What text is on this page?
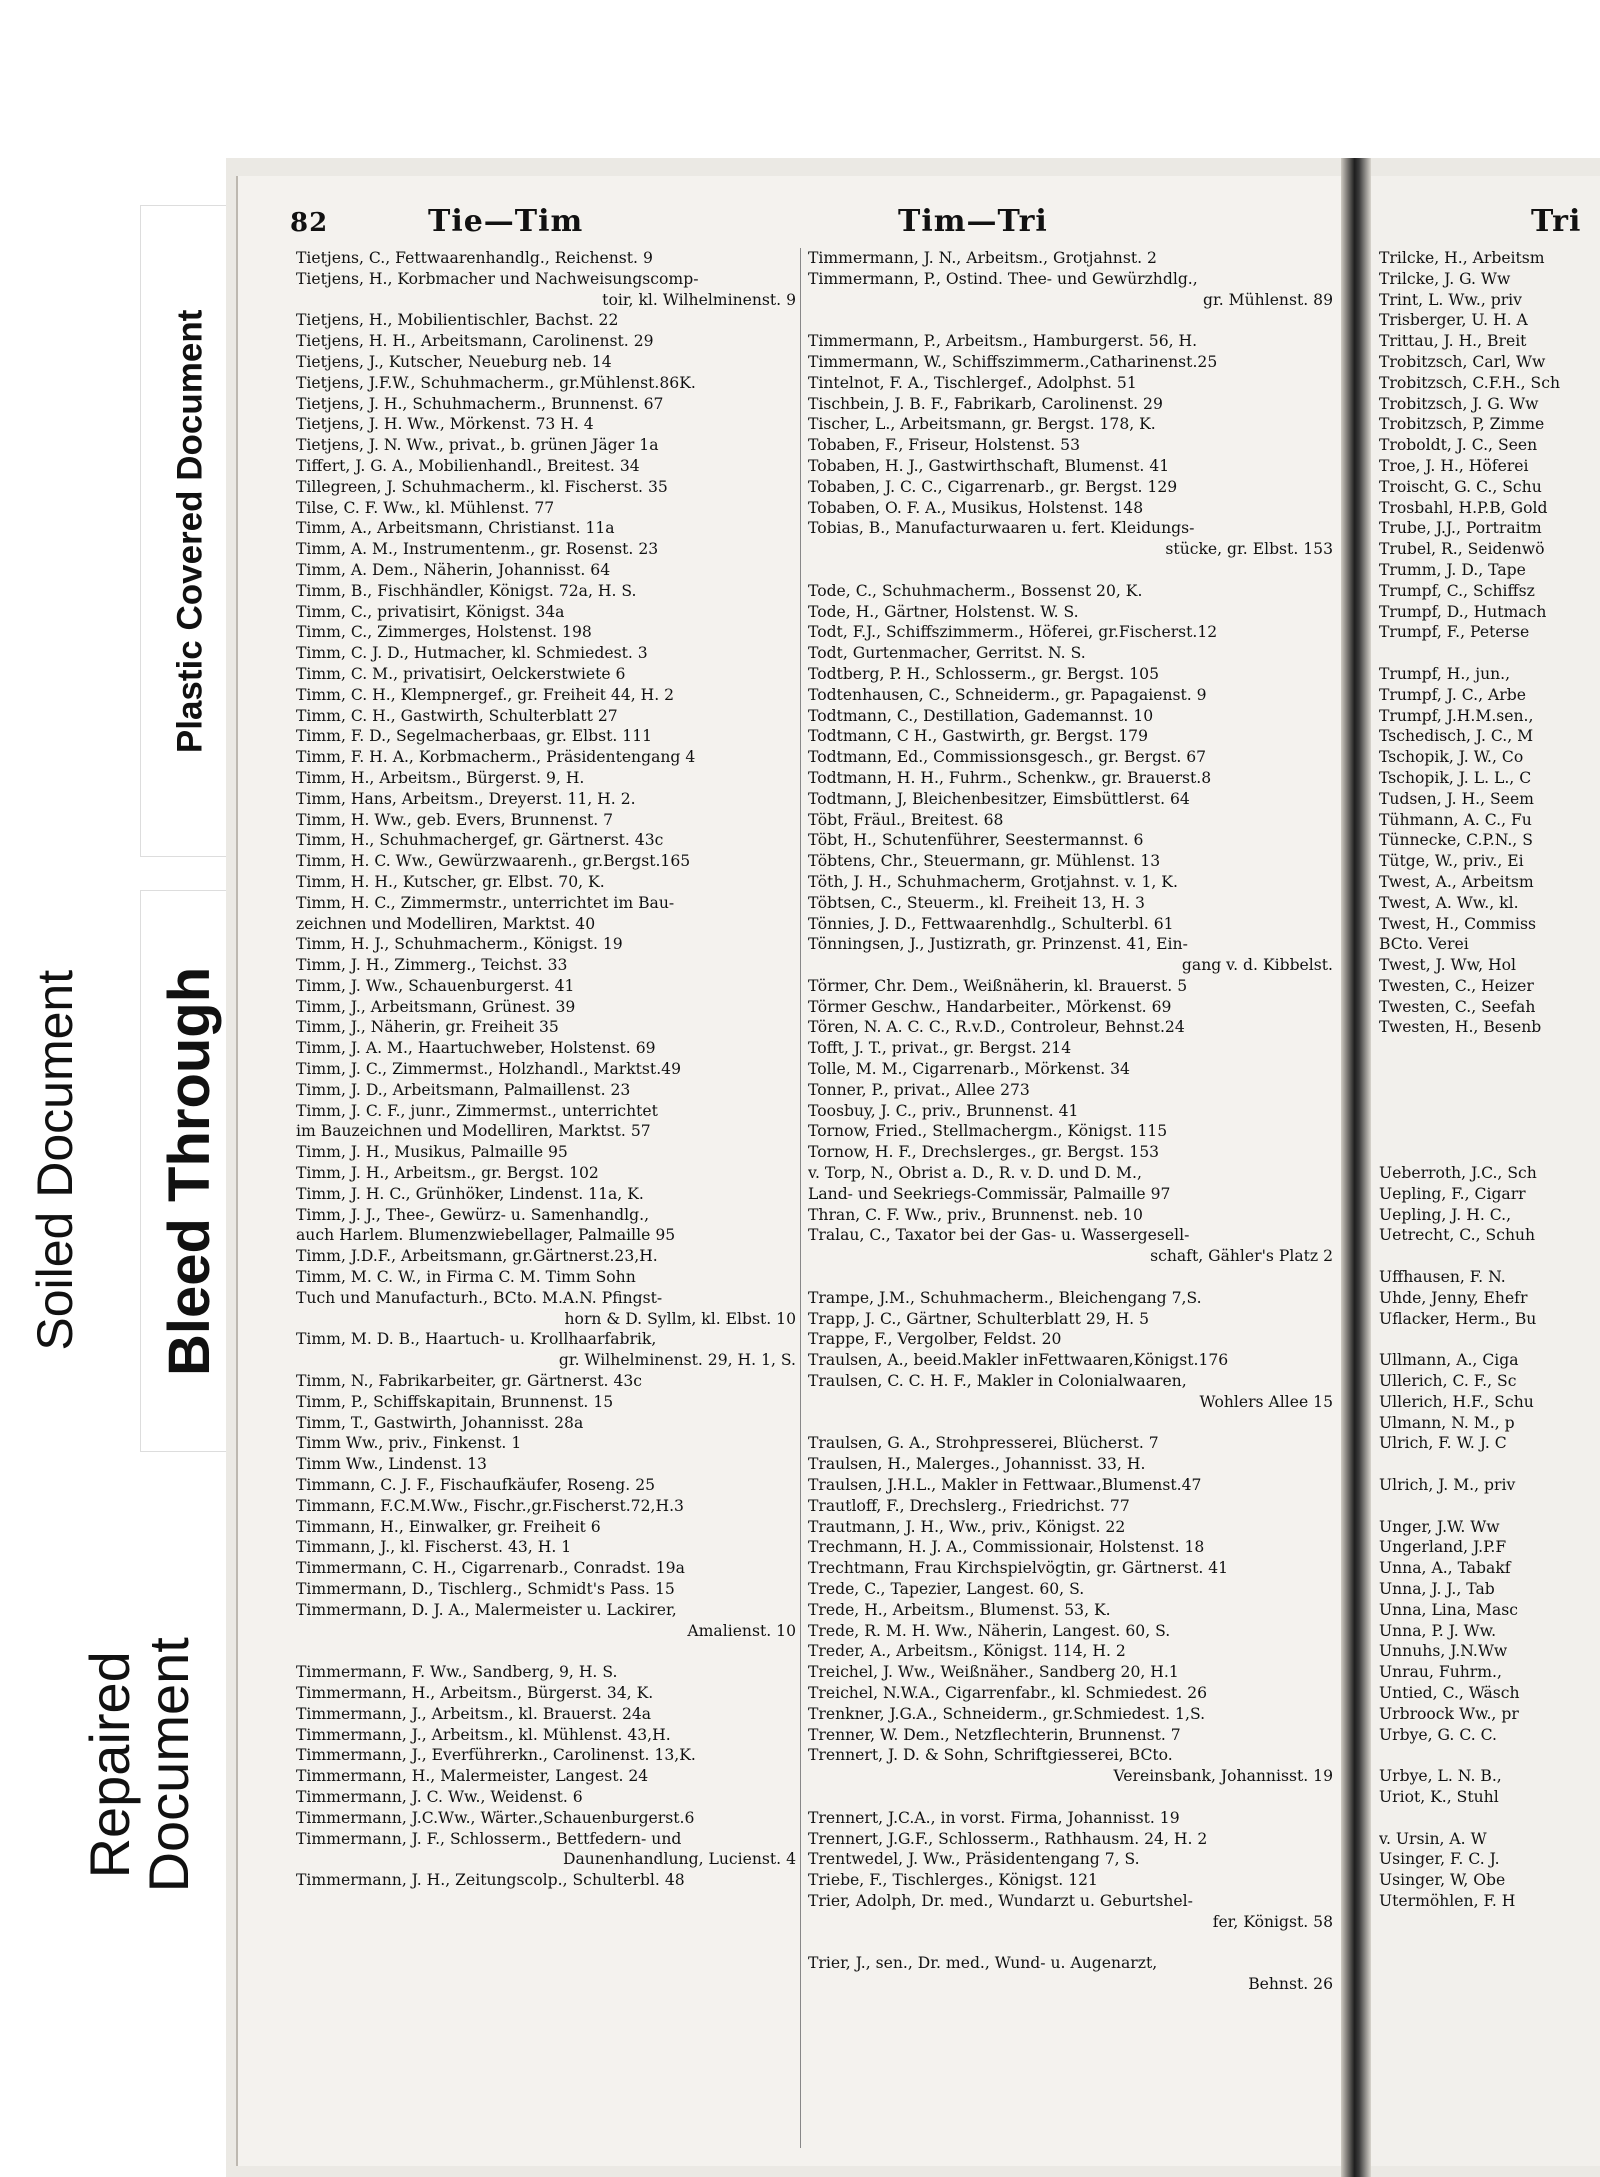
Soiled Document
Plastic Covered Document
Bleed Through
Repaired Document
82	Tie—Tim	Tim—Tri
Tietjens, C., Fettwaarenhandlg., Reichenst. 9
Tietjens, H., Korbmacher und Nachweisungscomp-
toir, kl. Wilhelminenst. 9
Tietjens, H., Mobilientischler, Bachst. 22
Tietjens, H. H., Arbeitsmann, Carolinenst. 29
Tietjens, J., Kutscher, Neueburg neb. 14
Tietjens, J.F.W., Schuhmacherm., gr.Mühlenst.86K.
Tietjens, J. H., Schuhmacherm., Brunnenst. 67
Tietjens, J. H. Ww., Mörkenst. 73 H. 4
Tietjens, J. N. Ww., privat., b. grünen Jäger 1a
Tiffert, J. G. A., Mobilienhandl., Breitest. 34
Tillegreen, J. Schuhmacherm., kl. Fischerst. 35
Tilse, C. F. Ww., kl. Mühlenst. 77
Timm, A., Arbeitsmann, Christianst. 11a
Timm, A. M., Instrumentenm., gr. Rosenst. 23
Timm, A. Dem., Näherin, Johannisst. 64
Timm, B., Fischhändler, Königst. 72a, H. S.
Timm, C., privatisirt, Königst. 34a
Timm, C., Zimmerges, Holstenst. 198
Timm, C. J. D., Hutmacher, kl. Schmiedest. 3
Timm, C. M., privatisirt, Oelckerstwiete 6
Timm, C. H., Klempnergef., gr. Freiheit 44, H. 2
Timm, C. H., Gastwirth, Schulterblatt 27
Timm, F. D., Segelmacherbaas, gr. Elbst. 111
Timm, F. H. A., Korbmacherm., Präsidentengang 4
Timm, H., Arbeitsm., Bürgerst. 9, H.
Timm, Hans, Arbeitsm., Dreyerst. 11, H. 2.
Timm, H. Ww., geb. Evers, Brunnenst. 7
Timm, H., Schuhmachergef, gr. Gärtnerst. 43c
Timm, H. C. Ww., Gewürzwaarenh., gr.Bergst.165
Timm, H. H., Kutscher, gr. Elbst. 70, K.
Timm, H. C., Zimmermstr., unterrichtet im Bau-
zeichnen und Modelliren, Marktst. 40
Timm, H. J., Schuhmacherm., Königst. 19
Timm, J. H., Zimmerg., Teichst. 33
Timm, J. Ww., Schauenburgerst. 41
Timm, J., Arbeitsmann, Grünest. 39
Timm, J., Näherin, gr. Freiheit 35
Timm, J. A. M., Haartuchweber, Holstenst. 69
Timm, J. C., Zimmermst., Holzhandl., Marktst.49
Timm, J. D., Arbeitsmann, Palmaillenst. 23
Timm, J. C. F., junr., Zimmermst., unterrichtet
im Bauzeichnen und Modelliren, Marktst. 57
Timm, J. H., Musikus, Palmaille 95
Timm, J. H., Arbeitsm., gr. Bergst. 102
Timm, J. H. C., Grünhöker, Lindenst. 11a, K.
Timm, J. J., Thee-, Gewürz- u. Samenhandlg.,
auch Harlem. Blumenzwiebellager, Palmaille 95
Timm, J.D.F., Arbeitsmann, gr.Gärtnerst.23,H.
Timm, M. C. W., in Firma C. M. Timm Sohn
Tuch und Manufacturh., BCto. M.A.N. Pfingst-
horn & D. Syllm, kl. Elbst. 10
Timm, M. D. B., Haartuch- u. Krollhaarfabrik,
gr. Wilhelminenst. 29, H. 1, S.
Timm, N., Fabrikarbeiter, gr. Gärtnerst. 43c
Timm, P., Schiffskapitain, Brunnenst. 15
Timm, T., Gastwirth, Johannisst. 28a
Timm Ww., priv., Finkenst. 1
Timm Ww., Lindenst. 13
Timmann, C. J. F., Fischaufkäufer, Roseng. 25
Timmann, F.C.M.Ww., Fischr.,gr.Fischerst.72,H.3
Timmann, H., Einwalker, gr. Freiheit 6
Timmann, J., kl. Fischerst. 43, H. 1
Timmermann, C. H., Cigarrenarb., Conradst. 19a
Timmermann, D., Tischlerg., Schmidt's Pass. 15
Timmermann, D. J. A., Malermeister u. Lackirer,
Amalienst. 10
Timmermann, F. Ww., Sandberg, 9, H. S.
Timmermann, H., Arbeitsm., Bürgerst. 34, K.
Timmermann, J., Arbeitsm., kl. Brauerst. 24a
Timmermann, J., Arbeitsm., kl. Mühlenst. 43,H.
Timmermann, J., Everführerkn., Carolinenst. 13,K.
Timmermann, H., Malermeister, Langest. 24
Timmermann, J. C. Ww., Weidenst. 6
Timmermann, J.C.Ww., Wärter.,Schauenburgerst.6
Timmermann, J. F., Schlosserm., Bettfedern- und
Daunenhandlung, Lucienst. 4
Timmermann, J. H., Zeitungscolp., Schulterbl. 48
Timmermann, J. N., Arbeitsm., Grotjahnst. 2
Timmermann, P., Ostind. Thee- und Gewürzhdlg.,
gr. Mühlenst. 89
Timmermann, P., Arbeitsm., Hamburgerst. 56, H.
Timmermann, W., Schiffszimmerm.,Catharinenst.25
Tintelnot, F. A., Tischlergef., Adolphst. 51
Tischbein, J. B. F., Fabrikarb, Carolinenst. 29
Tischer, L., Arbeitsmann, gr. Bergst. 178, K.
Tobaben, F., Friseur, Holstenst. 53
Tobaben, H. J., Gastwirthschaft, Blumenst. 41
Tobaben, J. C. C., Cigarrenarb., gr. Bergst. 129
Tobaben, O. F. A., Musikus, Holstenst. 148
Tobias, B., Manufacturwaaren u. fert. Kleidungs-
stücke, gr. Elbst. 153
Tode, C., Schuhmacherm., Bossenst 20, K.
Tode, H., Gärtner, Holstenst. W. S.
Todt, F.J., Schiffszimmerm., Höferei, gr.Fischerst.12
Todt, Gurtenmacher, Gerritst. N. S.
Todtberg, P. H., Schlosserm., gr. Bergst. 105
Todtenhausen, C., Schneiderm., gr. Papagaienst. 9
Todtmann, C., Destillation, Gademannst. 10
Todtmann, C H., Gastwirth, gr. Bergst. 179
Todtmann, Ed., Commissionsgesch., gr. Bergst. 67
Todtmann, H. H., Fuhrm., Schenkw., gr. Brauerst.8
Todtmann, J, Bleichenbesitzer, Eimsbüttlerst. 64
Töbt, Fräul., Breitest. 68
Töbt, H., Schutenführer, Seestermannst. 6
Töbtens, Chr., Steuermann, gr. Mühlenst. 13
Töth, J. H., Schuhmacherm, Grotjahnst. v. 1, K.
Töbtsen, C., Steuerm., kl. Freiheit 13, H. 3
Tönnies, J. D., Fettwaarenhdlg., Schulterbl. 61
Tönningsen, J., Justizrath, gr. Prinzenst. 41, Ein-
gang v. d. Kibbelst.
Törmer, Chr. Dem., Weißnäherin, kl. Brauerst. 5
Törmer Geschw., Handarbeiter., Mörkenst. 69
Tören, N. A. C. C., R.v.D., Controleur, Behnst.24
Tofft, J. T., privat., gr. Bergst. 214
Tolle, M. M., Cigarrenarb., Mörkenst. 34
Tonner, P., privat., Allee 273
Toosbuy, J. C., priv., Brunnenst. 41
Tornow, Fried., Stellmachergm., Königst. 115
Tornow, H. F., Drechslerges., gr. Bergst. 153
v. Torp, N., Obrist a. D., R. v. D. und D. M.,
Land- und Seekriegs-Commissär, Palmaille 97
Thran, C. F. Ww., priv., Brunnenst. neb. 10
Tralau, C., Taxator bei der Gas- u. Wassergesell-
schaft, Gähler's Platz 2
Trampe, J.M., Schuhmacherm., Bleichengang 7,S.
Trapp, J. C., Gärtner, Schulterblatt 29, H. 5
Trappe, F., Vergolber, Feldst. 20
Traulsen, A., beeid.Makler inFettwaaren,Königst.176
Traulsen, C. C. H. F., Makler in Colonialwaaren,
Wohlers Allee 15
Traulsen, G. A., Strohpresserei, Blücherst. 7
Traulsen, H., Malerges., Johannisst. 33, H.
Traulsen, J.H.L., Makler in Fettwaar.,Blumenst.47
Trautloff, F., Drechslerg., Friedrichst. 77
Trautmann, J. H., Ww., priv., Königst. 22
Trechmann, H. J. A., Commissionair, Holstenst. 18
Trechtmann, Frau Kirchspielvögtin, gr. Gärtnerst. 41
Trede, C., Tapezier, Langest. 60, S.
Trede, H., Arbeitsm., Blumenst. 53, K.
Trede, R. M. H. Ww., Näherin, Langest. 60, S.
Treder, A., Arbeitsm., Königst. 114, H. 2
Treichel, J. Ww., Weißnäher., Sandberg 20, H.1
Treichel, N.W.A., Cigarrenfabr., kl. Schmiedest. 26
Trenkner, J.G.A., Schneiderm., gr.Schmiedest. 1,S.
Trenner, W. Dem., Netzflechterin, Brunnenst. 7
Trennert, J. D. & Sohn, Schriftgiesserei, BCto.
Vereinsbank, Johannisst. 19
Trennert, J.C.A., in vorst. Firma, Johannisst. 19
Trennert, J.G.F., Schlosserm., Rathhausm. 24, H. 2
Trentwedel, J. Ww., Präsidentengang 7, S.
Triebe, F., Tischlerges., Königst. 121
Trier, Adolph, Dr. med., Wundarzt u. Geburtshel-
fer, Königst. 58
Trier, J., sen., Dr. med., Wund- u. Augenarzt,
Behnst. 26
Tri
Trilcke, H., Arbeitsm
Trilcke, J. G. Ww
Trint, L. Ww., priv
Trisberger, U. H. A
Trittau, J. H., Breit
Trobitzsch, Carl, Ww
Trobitzsch, C.F.H., Sch
Trobitzsch, J. G. Ww
Trobitzsch, P, Zimme
Troboldt, J. C., Seen
Troe, J. H., Höferei
Troischt, G. C., Schu
Trosbahl, H.P.B, Gold
Trube, J.J., Portraitm
Trubel, R., Seidenwö
Trumm, J. D., Tape
Trumpf, C., Schiffsz
Trumpf, D., Hutmach
Trumpf, F., Peterse
Trumpf, H., jun.,
Trumpf, J. C., Arbe
Trumpf, J.H.M.sen.,
Tschedisch, J. C., M
Tschopik, J. W., Co
Tschopik, J. L. L., C
Tudsen, J. H., Seem
Tühmann, A. C., Fu
Tünnecke, C.P.N., S
Tütge, W., priv., Ei
Twest, A., Arbeitsm
Twest, A. Ww., kl.
Twest, H., Commiss
BCto. Verei
Twest, J. Ww, Hol
Twesten, C., Heizer
Twesten, C., Seefah
Twesten, H., Besenb
Ueberroth, J.C., Sch
Uepling, F., Cigarr
Uepling, J. H. C.,
Uetrecht, C., Schuh
Uffhausen, F. N.
Uhde, Jenny, Ehefr
Uflacker, Herm., Bu
Ullmann, A., Ciga
Ullerich, C. F., Sc
Ullerich, H.F., Schu
Ulmann, N. M., p
Ulrich, F. W. J. C
Ulrich, J. M., priv
Unger, J.W. Ww
Ungerland, J.P.F
Unna, A., Tabakf
Unna, J. J., Tab
Unna, Lina, Masc
Unna, P. J. Ww.
Unnuhs, J.N.Ww
Unrau, Fuhrm.,
Untied, C., Wäsch
Urbroock Ww., pr
Urbye, G. C. C.
Urbye, L. N. B.,
Uriot, K., Stuhl
v. Ursin, A. W
Usinger, F. C. J.
Usinger, W, Obe
Utermöhlen, F. H
